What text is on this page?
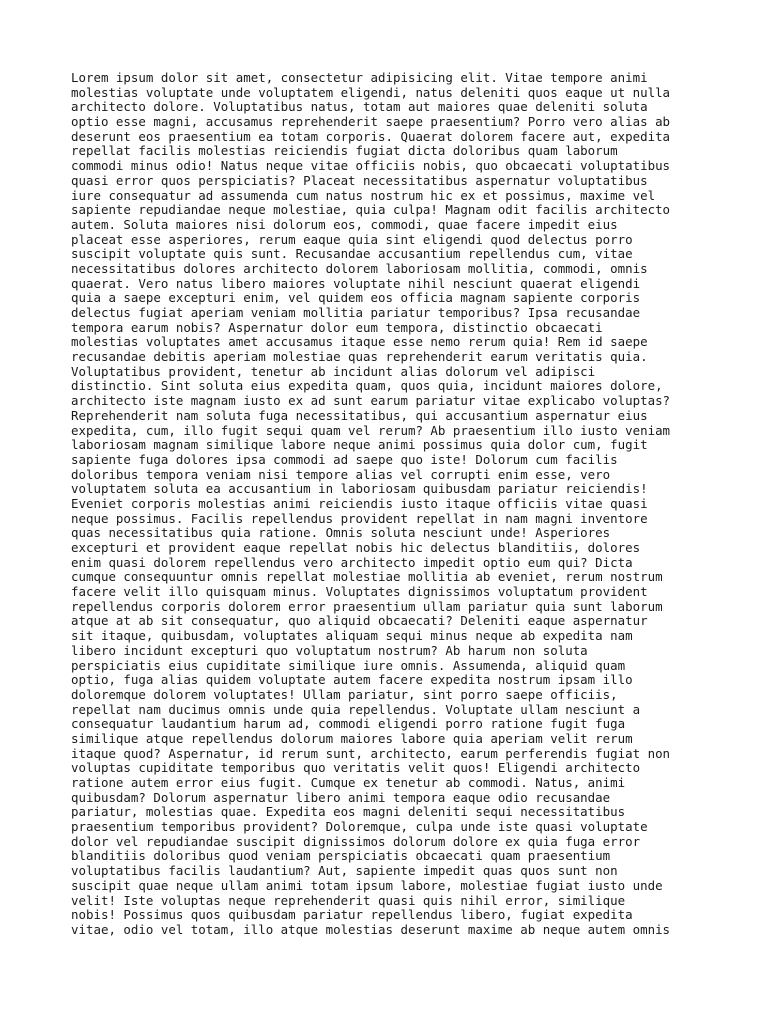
Lorem ipsum dolor sit amet, consectetur adipisicing elit. Vitae tempore animi
molestias voluptate unde voluptatem eligendi, natus deleniti quos eaque ut nulla
architecto dolore. Voluptatibus natus, totam aut maiores quae deleniti soluta
optio esse magni, accusamus reprehenderit saepe praesentium? Porro vero alias ab
deserunt eos praesentium ea totam corporis. Quaerat dolorem facere aut, expedita
repellat facilis molestias reiciendis fugiat dicta doloribus quam laborum
commodi minus odio! Natus neque vitae officiis nobis, quo obcaecati voluptatibus
quasi error quos perspiciatis? Placeat necessitatibus aspernatur voluptatibus
iure consequatur ad assumenda cum natus nostrum hic ex et possimus, maxime vel
sapiente repudiandae neque molestiae, quia culpa! Magnam odit facilis architecto
autem. Soluta maiores nisi dolorum eos, commodi, quae facere impedit eius
placeat esse asperiores, rerum eaque quia sint eligendi quod delectus porro
suscipit voluptate quis sunt. Recusandae accusantium repellendus cum, vitae
necessitatibus dolores architecto dolorem laboriosam mollitia, commodi, omnis
quaerat. Vero natus libero maiores voluptate nihil nesciunt quaerat eligendi
quia a saepe excepturi enim, vel quidem eos officia magnam sapiente corporis
delectus fugiat aperiam veniam mollitia pariatur temporibus? Ipsa recusandae
tempora earum nobis? Aspernatur dolor eum tempora, distinctio obcaecati
molestias voluptates amet accusamus itaque esse nemo rerum quia! Rem id saepe
recusandae debitis aperiam molestiae quas reprehenderit earum veritatis quia.
Voluptatibus provident, tenetur ab incidunt alias dolorum vel adipisci
distinctio. Sint soluta eius expedita quam, quos quia, incidunt maiores dolore,
architecto iste magnam iusto ex ad sunt earum pariatur vitae explicabo voluptas?
Reprehenderit nam soluta fuga necessitatibus, qui accusantium aspernatur eius
expedita, cum, illo fugit sequi quam vel rerum? Ab praesentium illo iusto veniam
laboriosam magnam similique labore neque animi possimus quia dolor cum, fugit
sapiente fuga dolores ipsa commodi ad saepe quo iste! Dolorum cum facilis
doloribus tempora veniam nisi tempore alias vel corrupti enim esse, vero
voluptatem soluta ea accusantium in laboriosam quibusdam pariatur reiciendis!
Eveniet corporis molestias animi reiciendis iusto itaque officiis vitae quasi
neque possimus. Facilis repellendus provident repellat in nam magni inventore
quas necessitatibus quia ratione. Omnis soluta nesciunt unde! Asperiores
excepturi et provident eaque repellat nobis hic delectus blanditiis, dolores
enim quasi dolorem repellendus vero architecto impedit optio eum qui? Dicta
cumque consequuntur omnis repellat molestiae mollitia ab eveniet, rerum nostrum
facere velit illo quisquam minus. Voluptates dignissimos voluptatum provident
repellendus corporis dolorem error praesentium ullam pariatur quia sunt laborum
atque at ab sit consequatur, quo aliquid obcaecati? Deleniti eaque aspernatur
sit itaque, quibusdam, voluptates aliquam sequi minus neque ab expedita nam
libero incidunt excepturi quo voluptatum nostrum? Ab harum non soluta
perspiciatis eius cupiditate similique iure omnis. Assumenda, aliquid quam
optio, fuga alias quidem voluptate autem facere expedita nostrum ipsam illo
doloremque dolorem voluptates! Ullam pariatur, sint porro saepe officiis,
repellat nam ducimus omnis unde quia repellendus. Voluptate ullam nesciunt a
consequatur laudantium harum ad, commodi eligendi porro ratione fugit fuga
similique atque repellendus dolorum maiores labore quia aperiam velit rerum
itaque quod? Aspernatur, id rerum sunt, architecto, earum perferendis fugiat non
voluptas cupiditate temporibus quo veritatis velit quos! Eligendi architecto
ratione autem error eius fugit. Cumque ex tenetur ab commodi. Natus, animi
quibusdam? Dolorum aspernatur libero animi tempora eaque odio recusandae
pariatur, molestias quae. Expedita eos magni deleniti sequi necessitatibus
praesentium temporibus provident? Doloremque, culpa unde iste quasi voluptate
dolor vel repudiandae suscipit dignissimos dolorum dolore ex quia fuga error
blanditiis doloribus quod veniam perspiciatis obcaecati quam praesentium
voluptatibus facilis laudantium? Aut, sapiente impedit quas quos sunt non
suscipit quae neque ullam animi totam ipsum labore, molestiae fugiat iusto unde
velit! Iste voluptas neque reprehenderit quasi quis nihil error, similique
nobis! Possimus quos quibusdam pariatur repellendus libero, fugiat expedita
vitae, odio vel totam, illo atque molestias deserunt maxime ab neque autem omnis
